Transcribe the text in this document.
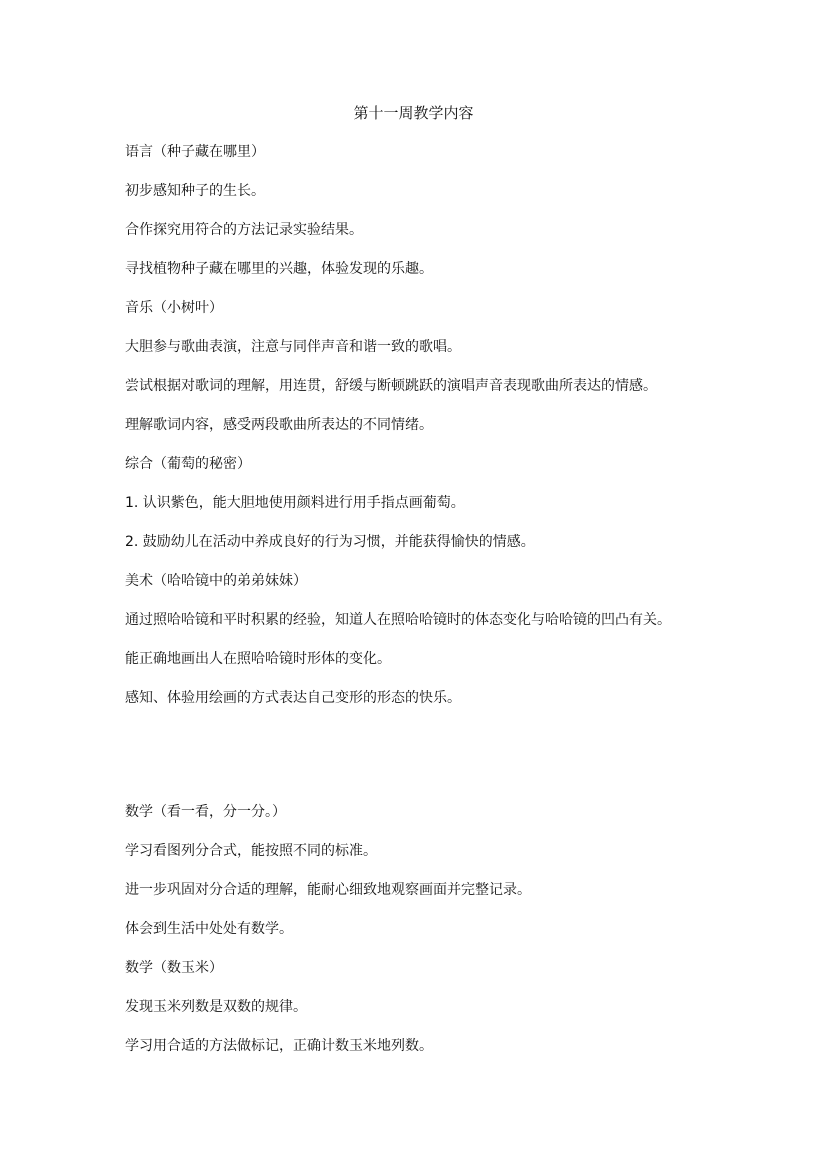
第十一周教学内容

语言（种子藏在哪里）

初步感知种子的生长。

合作探究用符合的方法记录实验结果。

寻找植物种子藏在哪里的兴趣，体验发现的乐趣。

音乐（小树叶）

大胆参与歌曲表演，注意与同伴声音和谐一致的歌唱。

尝试根据对歌词的理解，用连贯，舒缓与断顿跳跃的演唱声音表现歌曲所表达的情感。

理解歌词内容，感受两段歌曲所表达的不同情绪。

综合（葡萄的秘密）

1. 认识紫色，能大胆地使用颜料进行用手指点画葡萄。

2. 鼓励幼儿在活动中养成良好的行为习惯，并能获得愉快的情感。

美术（哈哈镜中的弟弟妹妹）

通过照哈哈镜和平时积累的经验，知道人在照哈哈镜时的体态变化与哈哈镜的凹凸有关。

能正确地画出人在照哈哈镜时形体的变化。

感知、体验用绘画的方式表达自己变形的形态的快乐。

数学（看一看，分一分。）

学习看图列分合式，能按照不同的标准。

进一步巩固对分合适的理解，能耐心细致地观察画面并完整记录。

体会到生活中处处有数学。

数学（数玉米）

发现玉米列数是双数的规律。

学习用合适的方法做标记，正确计数玉米地列数。
